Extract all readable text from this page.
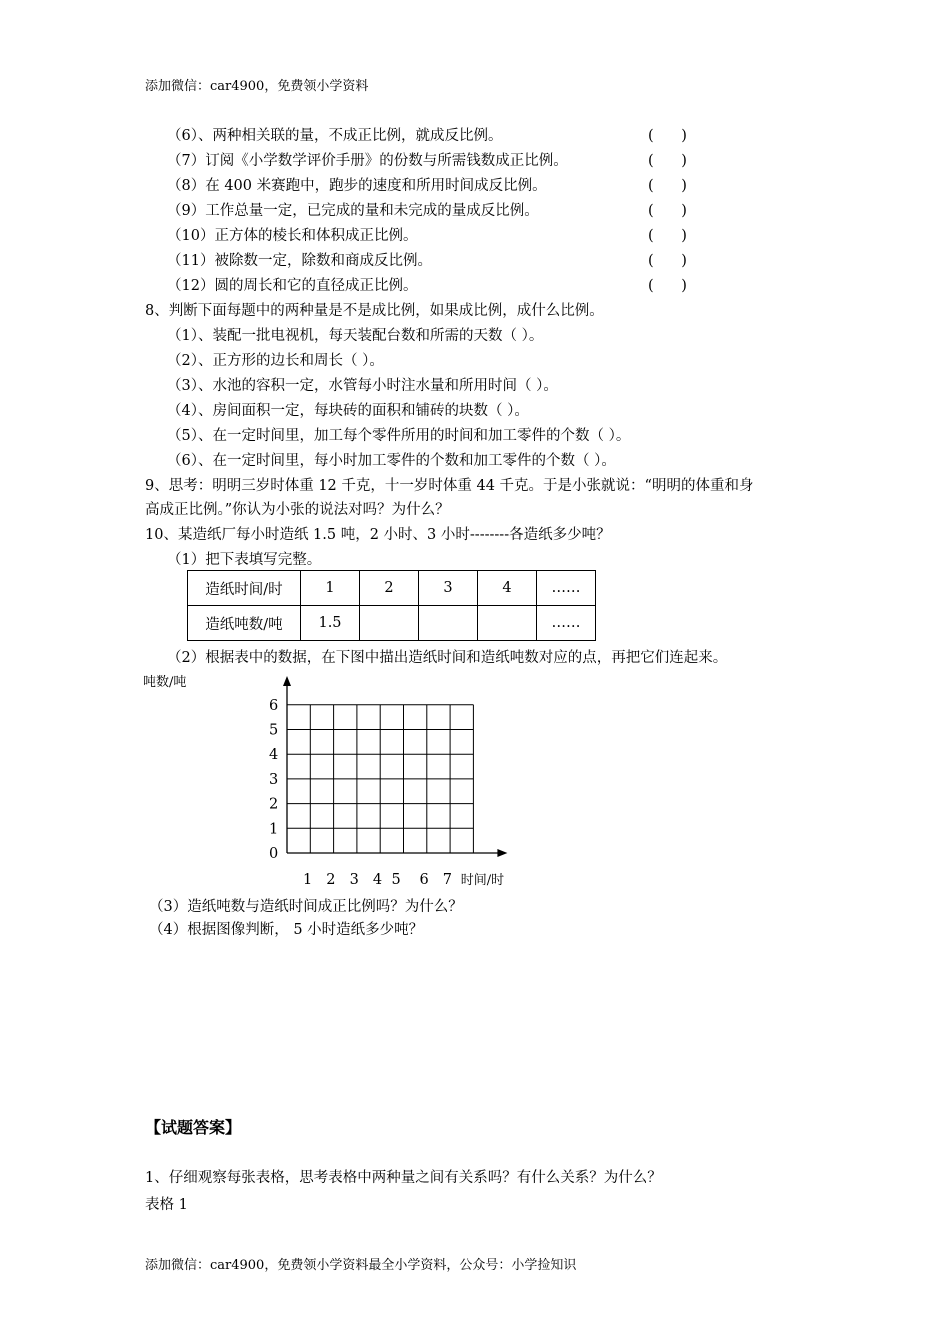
添加微信：car4900，免费领小学资料
（6）、两种相关联的量，不成正比例，就成反比例。	(      )
（7）订阅《小学数学评价手册》的份数与所需钱数成正比例。	(      )
（8）在 400 米赛跑中，跑步的速度和所用时间成反比例。	(      )
（9）工作总量一定，已完成的量和未完成的量成反比例。	(      )
（10）正方体的棱长和体积成正比例。	(      )
（11）被除数一定，除数和商成反比例。	(      )
（12）圆的周长和它的直径成正比例。	(      )
8、判断下面每题中的两种量是不是成比例，如果成比例，成什么比例。
（1）、装配一批电视机，每天装配台数和所需的天数（ ）。
（2）、正方形的边长和周长（ ）。
（3）、水池的容积一定，水管每小时注水量和所用时间（ ）。
（4）、房间面积一定，每块砖的面积和铺砖的块数（ ）。
（5）、在一定时间里，加工每个零件所用的时间和加工零件的个数（ ）。
（6）、在一定时间里，每小时加工零件的个数和加工零件的个数（ ）。
9、思考：明明三岁时体重 12 千克，十一岁时体重 44 千克。于是小张就说：“明明的体重和身
高成正比例。”你认为小张的说法对吗？为什么？
10、某造纸厂每小时造纸 1.5 吨，2 小时、3 小时--------各造纸多少吨？
（1）把下表填写完整。
造纸时间/时	1	2	3	4	……
造纸吨数/吨	1.5				……
（2）根据表中的数据，在下图中描出造纸时间和造纸吨数对应的点，再把它们连起来。
吨数/吨
0
1
2
3
4
5
6
1 2 3 4 5 6 7 时间/时
（3）造纸吨数与造纸时间成正比例吗？为什么？
（4）根据图像判断， 5 小时造纸多少吨？
【试题答案】
1、仔细观察每张表格，思考表格中两种量之间有关系吗？有什么关系？为什么？
表格 1
添加微信：car4900，免费领小学资料最全小学资料，公众号：小学捡知识
